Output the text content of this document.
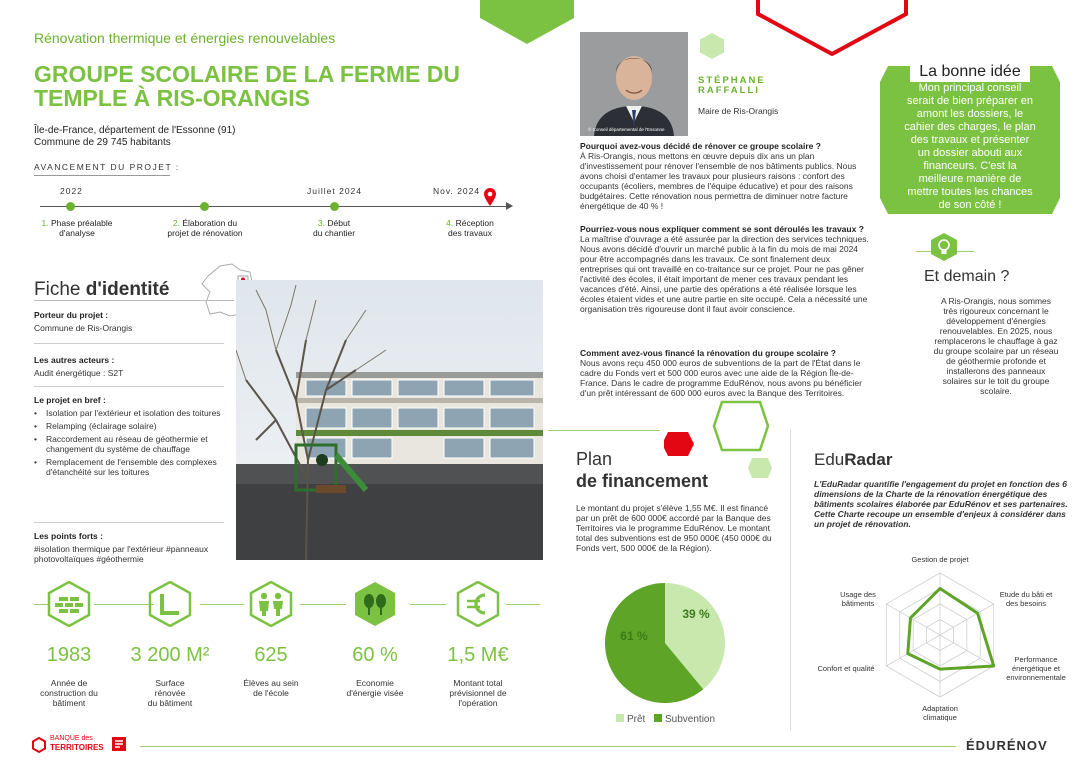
Rénovation thermique et énergies renouvelables
GROUPE SCOLAIRE DE LA FERME DU TEMPLE À RIS-ORANGIS
Île-de-France, département de l'Essonne (91)
Commune de 29 745 habitants
AVANCEMENT DU PROJET :
2022	Juillet 2024	Nov. 2024
1. Phase préalable
d'analyse
2. Élaboration du
projet de rénovation
3. Début
du chantier
4. Réception
des travaux
Fiche d'identité
Porteur du projet :
Commune de Ris-Orangis
Les autres acteurs :
Audit énergétique : S2T
Le projet en bref :
• Isolation par l'extérieur et isolation des toitures
• Relamping (éclairage solaire)
• Raccordement au réseau de géothermie et changement du système de chauffage
• Remplacement de l'ensemble des complexes d'étanchéité sur les toitures
Les points forts :
#isolation thermique par l'extérieur #panneaux photovoltaïques #géothermie
1983	3 200 M²	625	60 %	1,5 M€
Année de
construction du
bâtiment
Surface
rénovée
du bâtiment
Élèves au sein
de l'école
Economie
d'énergie visée
Montant total
prévisionnel de
l'opération
© Conseil départemental de l'Essonne
STÉPHANE
RAFFALLI
Maire de Ris-Orangis
Pourquoi avez-vous décidé de rénover ce groupe scolaire ?
À Ris-Orangis, nous mettons en œuvre depuis dix ans un plan d'investissement pour rénover l'ensemble de nos bâtiments publics. Nous avons choisi d'entamer les travaux pour plusieurs raisons : confort des occupants (écoliers, membres de l'équipe éducative) et pour des raisons budgétaires. Cette rénovation nous permettra de diminuer notre facture énergétique de 40 % !
Pourriez-vous nous expliquer comment se sont déroulés les travaux ?
La maîtrise d'ouvrage a été assurée par la direction des services techniques. Nous avons décidé d'ouvrir un marché public à la fin du mois de mai 2024 pour être accompagnés dans les travaux. Ce sont finalement deux entreprises qui ont travaillé en co-traitance sur ce projet. Pour ne pas gêner l'activité des écoles, il était important de mener ces travaux pendant les vacances d'été. Ainsi, une partie des opérations a été réalisée lorsque les écoles étaient vides et une autre partie en site occupé. Cela a nécessité une organisation très rigoureuse dont il faut avoir conscience.
Comment avez-vous financé la rénovation du groupe scolaire ?
Nous avons reçu 450 000 euros de subventions de la part de l'État dans le cadre du Fonds vert et 500 000 euros avec une aide de la Région Île-de-France. Dans le cadre de programme EduRénov, nous avons pu bénéficier d'un prêt intéressant de 600 000 euros avec la Banque des Territoires.
La bonne idée
Mon principal conseil
serait de bien préparer en
amont les dossiers, le
cahier des charges, le plan
des travaux et présenter
un dossier abouti aux
financeurs. C'est la
meilleure manière de
mettre toutes les chances
de son côté !
Et demain ?
A Ris-Orangis, nous sommes
très rigoureux concernant le
développement d'énergies
renouvelables. En 2025, nous
remplacerons le chauffage à gaz
du groupe scolaire par un réseau
de géothermie profonde et
installerons des panneaux
solaires sur le toit du groupe
scolaire.
Plan
de financement
Le montant du projet s'élève 1,55 M€. Il est financé par un prêt de 600 000€ accordé par la Banque des Territoires via le programme EduRénov. Le montant total des subventions est de 950 000€ (450 000€ du Fonds vert, 500 000€ de la Région).
39 %
61 %
Prêt	Subvention
EduRadar
L'EduRadar quantifie l'engagement du projet en fonction des 6 dimensions de la Charte de la rénovation énergétique des bâtiments scolaires élaborée par EduRénov et ses partenaires. Cette Charte recoupe un ensemble d'enjeux à considérer dans un projet de rénovation.
Gestion de projet
Etude du bâti et
des besoins
Performance
énergétique et
environnementale
Adaptation
climatique
Confort et qualité
Usage des
bâtiments
BANQUE des
TERRITOIRES	ÉDURÉNOV
